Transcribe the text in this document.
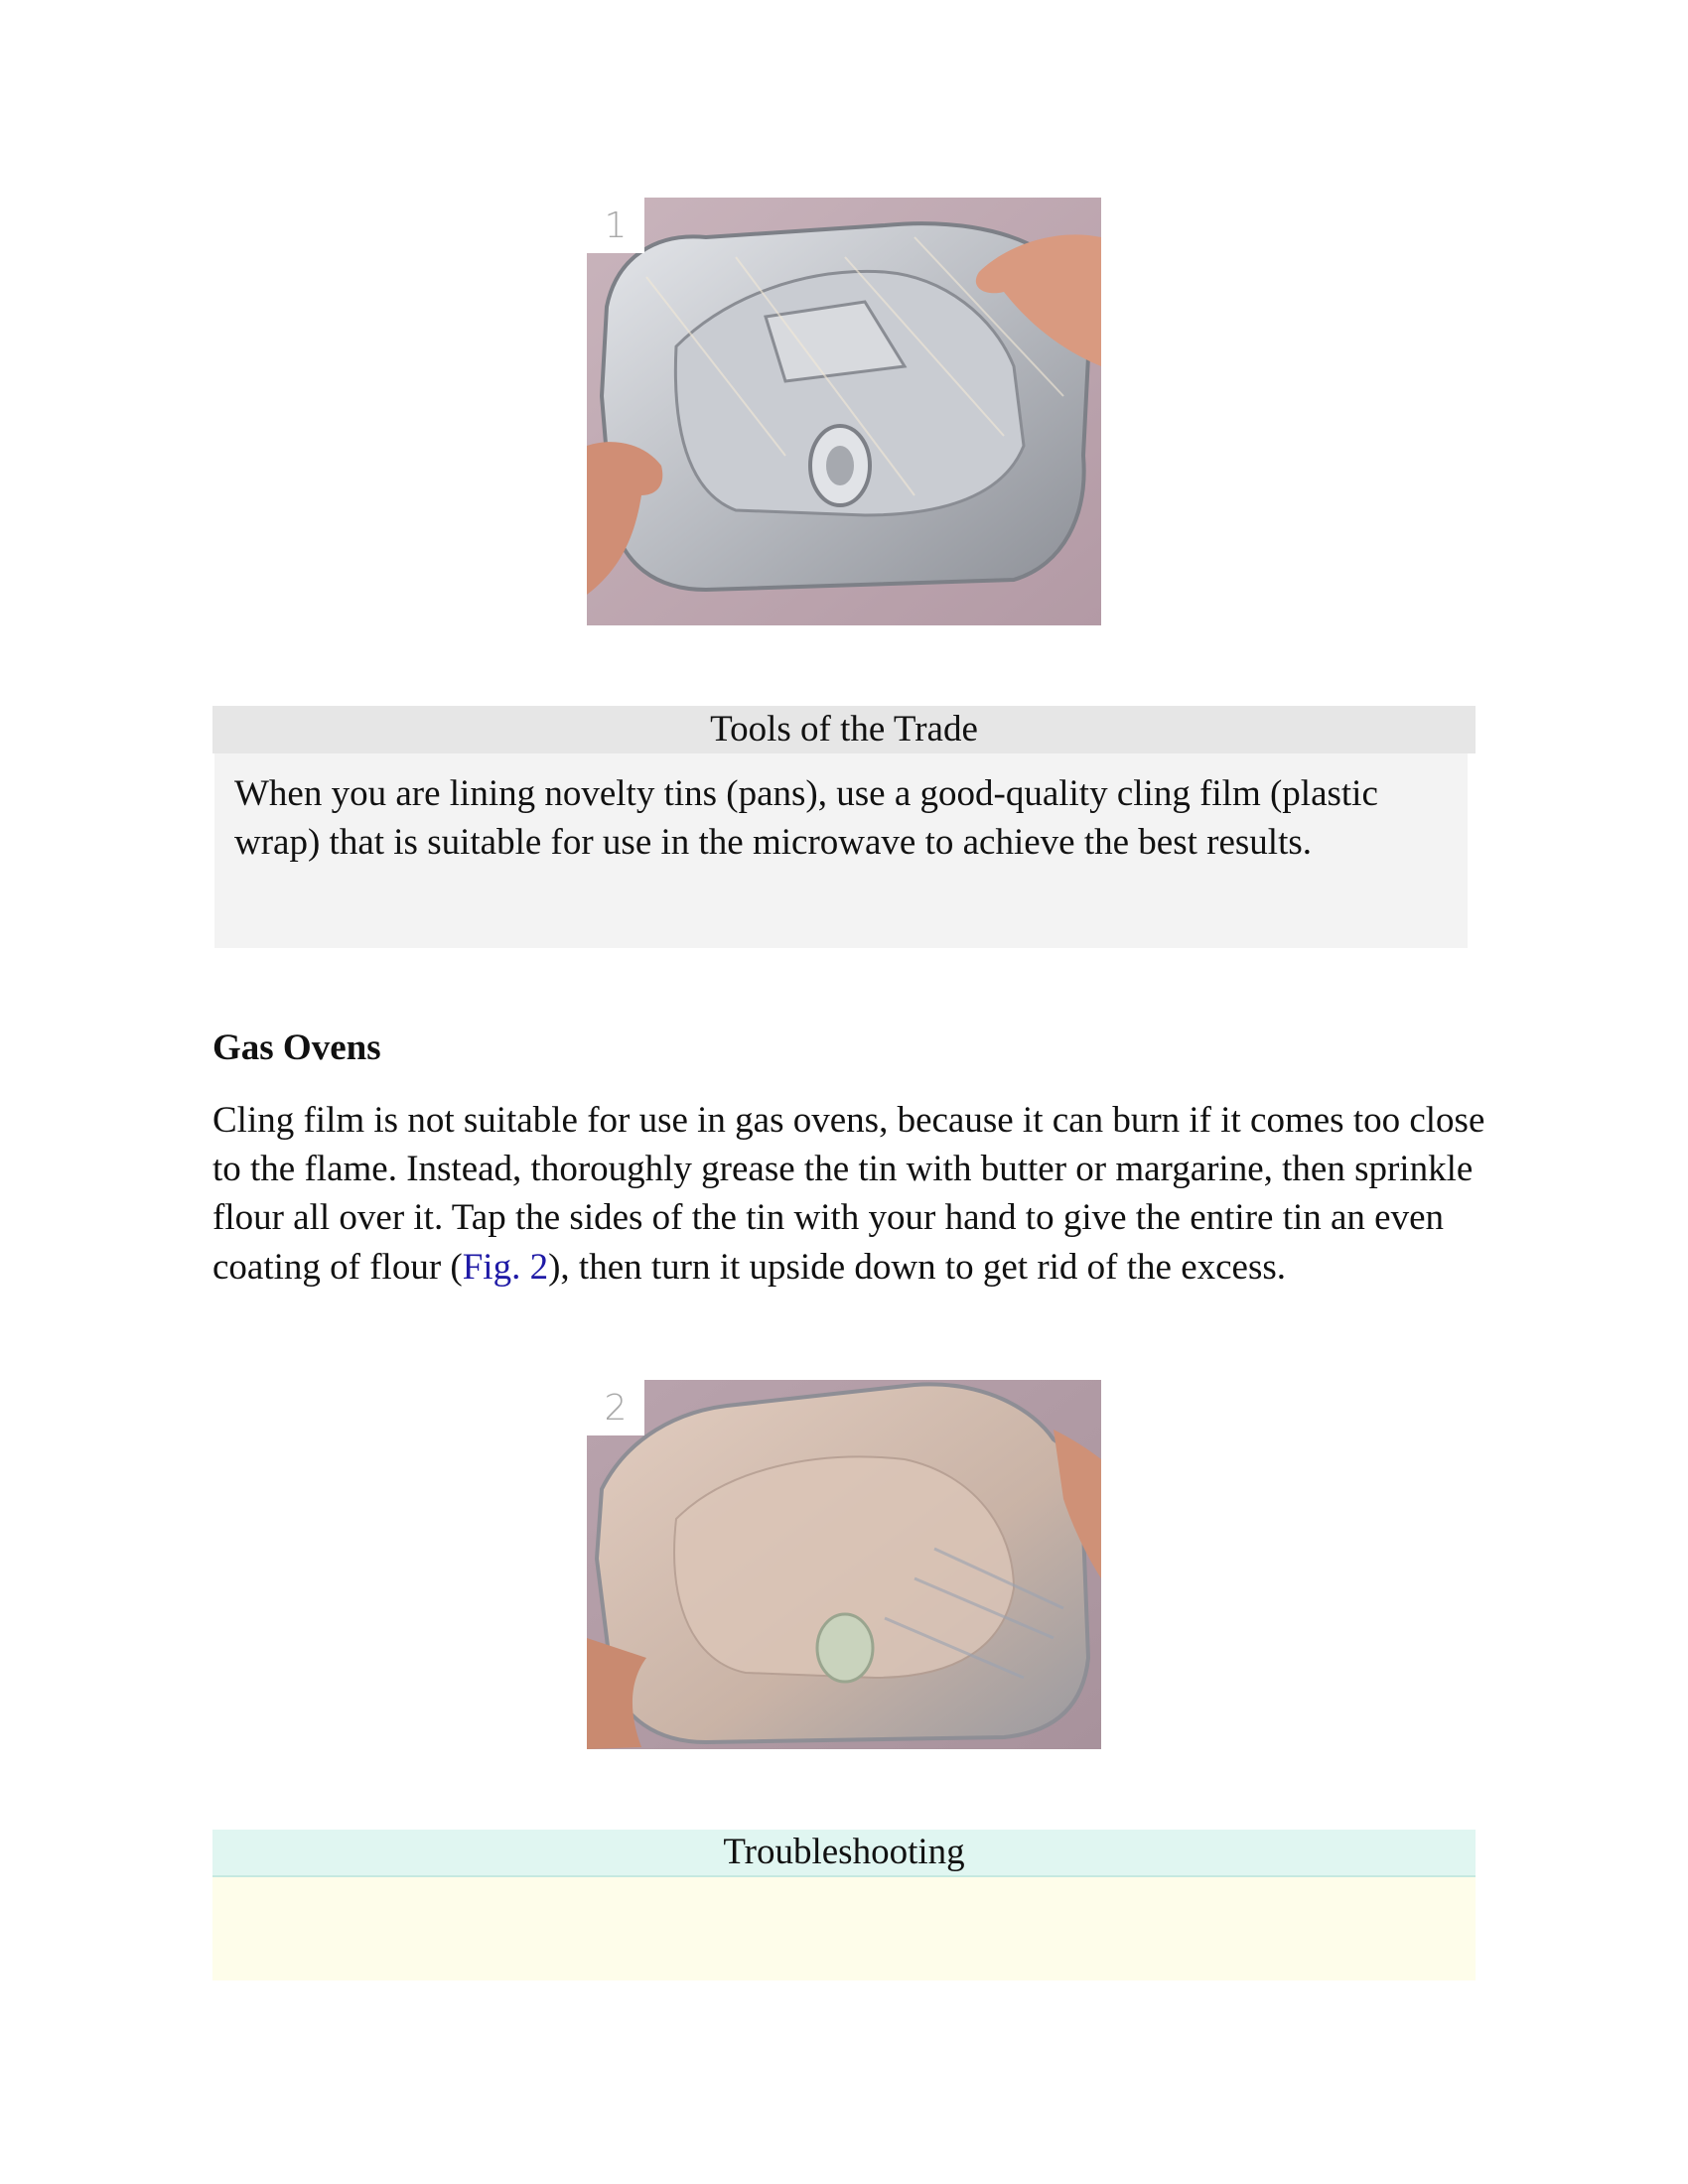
1
Tools of the Trade
When you are lining novelty tins (pans), use a good-quality cling film (plastic wrap) that is suitable for use in the microwave to achieve the best results.
Gas Ovens

Cling film is not suitable for use in gas ovens, because it can burn if it comes too close to the flame. Instead, thoroughly grease the tin with butter or margarine, then sprinkle flour all over it. Tap the sides of the tin with your hand to give the entire tin an even coating of flour (Fig. 2), then turn it upside down to get rid of the excess.

2
Troubleshooting
